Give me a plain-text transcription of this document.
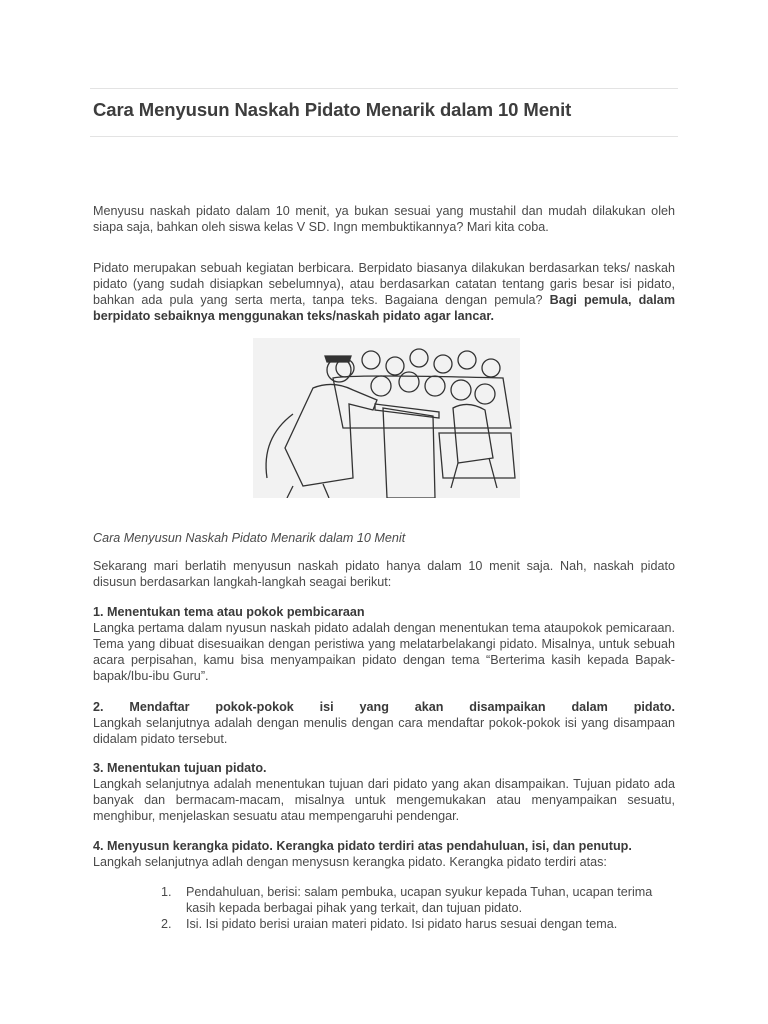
Cara Menyusun Naskah Pidato Menarik dalam 10 Menit

Menyusu naskah pidato dalam 10 menit, ya bukan sesuai yang mustahil dan mudah dilakukan oleh siapa saja, bahkan oleh siswa kelas V SD. Ingn membuktikannya? Mari kita coba.

Pidato merupakan sebuah kegiatan berbicara. Berpidato biasanya dilakukan berdasarkan teks/ naskah pidato (yang sudah disiapkan sebelumnya), atau berdasarkan catatan tentang garis besar isi pidato, bahkan ada pula yang serta merta, tanpa teks. Bagaiana dengan pemula? Bagi pemula, dalam berpidato sebaiknya menggunakan teks/naskah pidato agar lancar.

Cara Menyusun Naskah Pidato Menarik dalam 10 Menit

Sekarang mari berlatih menyusun naskah pidato hanya dalam 10 menit saja. Nah, naskah pidato disusun berdasarkan langkah-langkah seagai berikut:

1. Menentukan tema atau pokok pembicaraan

Langka pertama dalam nyusun naskah pidato adalah dengan menentukan tema ataupokok pemicaraan. Tema yang dibuat disesuaikan dengan peristiwa yang melatarbelakangi pidato. Misalnya, untuk sebuah acara perpisahan, kamu bisa menyampaikan pidato dengan tema “Berterima kasih kepada Bapak-bapak/Ibu-ibu Guru”.

2. Mendaftar pokok-pokok isi yang akan disampaikan dalam pidato.

Langkah selanjutnya adalah dengan menulis dengan cara mendaftar pokok-pokok isi yang disampaan didalam pidato tersebut.

3. Menentukan tujuan pidato.

Langkah selanjutnya adalah menentukan tujuan dari pidato yang akan disampaikan. Tujuan pidato ada banyak dan bermacam-macam, misalnya untuk mengemukakan atau menyampaikan sesuatu, menghibur, menjelaskan sesuatu atau mempengaruhi pendengar.

4. Menyusun kerangka pidato. Kerangka pidato terdiri atas pendahuluan, isi, dan penutup.

Langkah selanjutnya adlah dengan menysusn kerangka pidato. Kerangka pidato terdiri atas:

1. Pendahuluan, berisi: salam pembuka, ucapan syukur kepada Tuhan, ucapan terima kasih kepada berbagai pihak yang terkait, dan tujuan pidato.
2. Isi. Isi pidato berisi uraian materi pidato. Isi pidato harus sesuai dengan tema.
